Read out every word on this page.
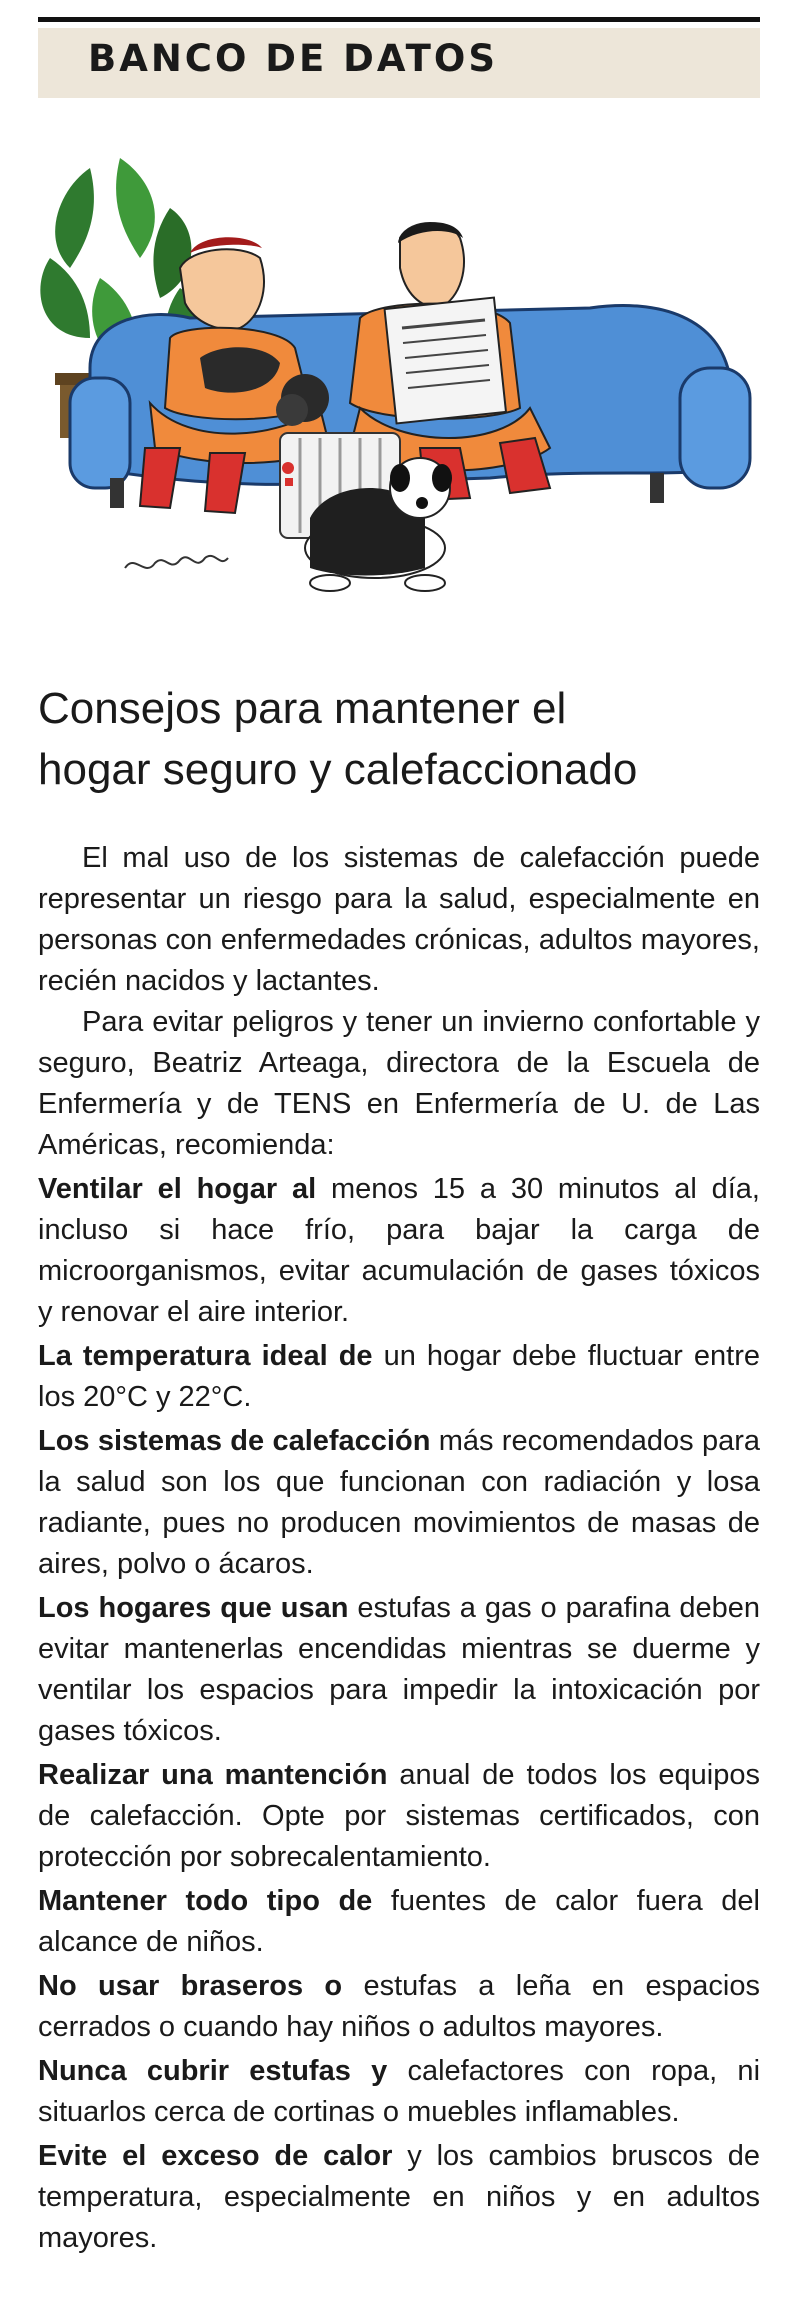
BANCO DE DATOS
Consejos para mantener el
hogar seguro y calefaccionado

El mal uso de los sistemas de calefacción puede representar un riesgo para la salud, especialmente en personas con enfermedades crónicas, adultos mayores, recién nacidos y lactantes.

Para evitar peligros y tener un invierno confortable y seguro, Beatriz Arteaga, directora de la Escuela de Enfermería y de TENS en Enfermería de U. de Las Américas, recomienda:

Ventilar el hogar al menos 15 a 30 minutos al día, incluso si hace frío, para bajar la carga de microorganismos, evitar acumulación de gases tóxicos y renovar el aire interior.

La temperatura ideal de un hogar debe fluctuar entre los 20°C y 22°C.

Los sistemas de calefacción más recomendados para la salud son los que funcionan con radiación y losa radiante, pues no producen movimientos de masas de aires, polvo o ácaros.

Los hogares que usan estufas a gas o parafina deben evitar mantenerlas encendidas mientras se duerme y ventilar los espacios para impedir la intoxicación por gases tóxicos.

Realizar una mantención anual de todos los equipos de calefacción. Opte por sistemas certificados, con protección por sobrecalentamiento.

Mantener todo tipo de fuentes de calor fuera del alcance de niños.

No usar braseros o estufas a leña en espacios cerrados o cuando hay niños o adultos mayores.

Nunca cubrir estufas y calefactores con ropa, ni situarlos cerca de cortinas o muebles inflamables.

Evite el exceso de calor y los cambios bruscos de temperatura, especialmente en niños y en adultos mayores.
